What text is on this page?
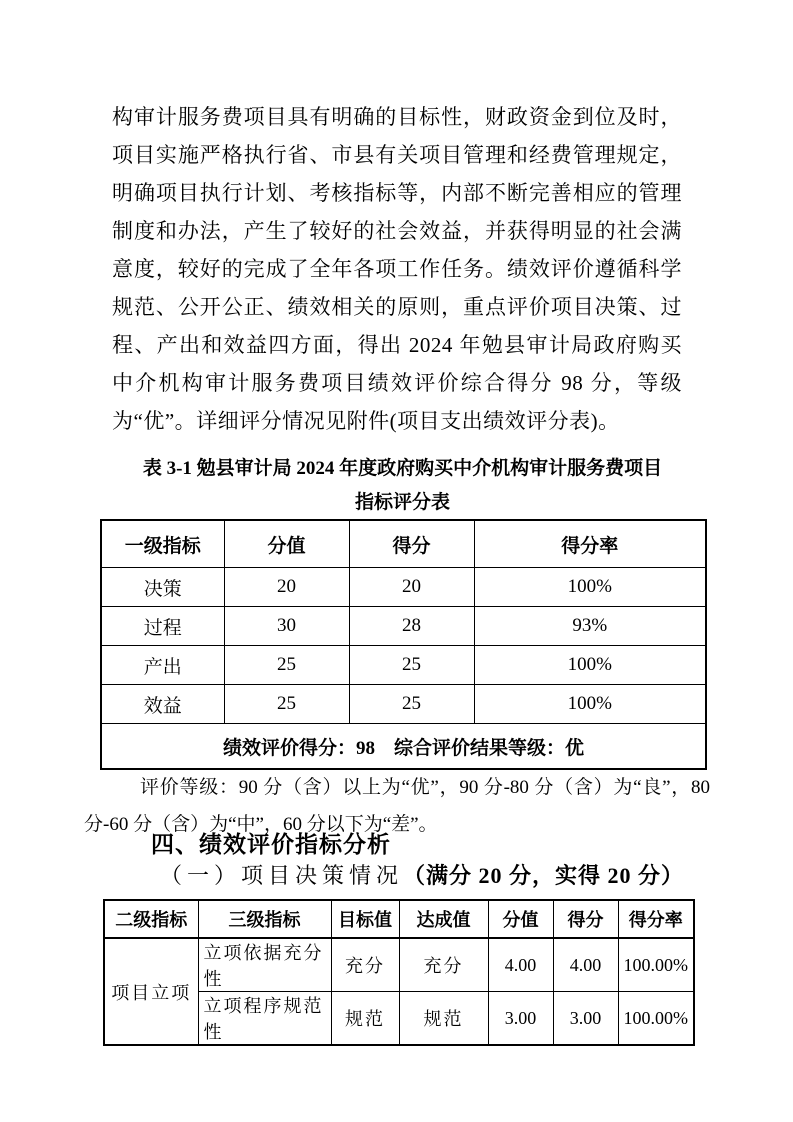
构审计服务费项目具有明确的目标性，财政资金到位及时，项目实施严格执行省、市县有关项目管理和经费管理规定，明确项目执行计划、考核指标等，内部不断完善相应的管理制度和办法，产生了较好的社会效益，并获得明显的社会满意度，较好的完成了全年各项工作任务。绩效评价遵循科学规范、公开公正、绩效相关的原则，重点评价项目决策、过程、产出和效益四方面，得出 2024 年勉县审计局政府购买中介机构审计服务费项目绩效评价综合得分 98 分，等级为“优”。详细评分情况见附件(项目支出绩效评分表)。
表 3-1 勉县审计局 2024 年度政府购买中介机构审计服务费项目
指标评分表
一级指标	分值	得分	得分率
决策	20	20	100%
过程	30	28	93%
产出	25	25	100%
效益	25	25	100%
绩效评价得分：98　综合评价结果等级：优			
评价等级：90 分（含）以上为“优”，90 分-80 分（含）为“良”，80 分-60 分（含）为“中”，60 分以下为“差”。
四、绩效评价指标分析
（一）项目决策情况（满分 20 分，实得 20 分）
二级指标	三级指标	目标值	达成值	分值	得分	得分率
项目立项	立项依据充分性	充分	充分	4.00	4.00	100.00%
	立项程序规范性	规范	规范	3.00	3.00	100.00%
